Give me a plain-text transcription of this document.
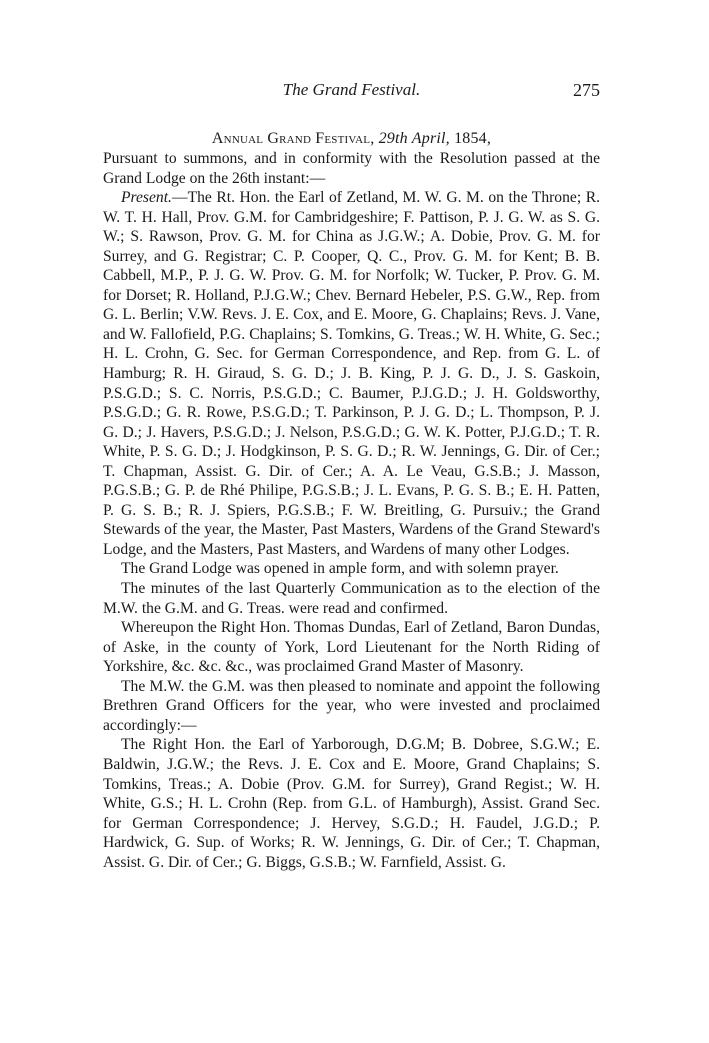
The Grand Festival.	275
Annual Grand Festival, 29th April, 1854,

Pursuant to summons, and in conformity with the Resolution passed at the Grand Lodge on the 26th instant:—

Present.—The Rt. Hon. the Earl of Zetland, M. W. G. M. on the Throne; R. W. T. H. Hall, Prov. G.M. for Cambridgeshire; F. Pattison, P. J. G. W. as S. G. W.; S. Rawson, Prov. G. M. for China as J.G.W.; A. Dobie, Prov. G. M. for Surrey, and G. Registrar; C. P. Cooper, Q. C., Prov. G. M. for Kent; B. B. Cabbell, M.P., P. J. G. W. Prov. G. M. for Norfolk; W. Tucker, P. Prov. G. M. for Dorset; R. Holland, P.J.G.W.; Chev. Bernard Hebeler, P.S. G.W., Rep. from G. L. Berlin; V.W. Revs. J. E. Cox, and E. Moore, G. Chaplains; Revs. J. Vane, and W. Fallofield, P.G. Chaplains; S. Tomkins, G. Treas.; W. H. White, G. Sec.; H. L. Crohn, G. Sec. for German Correspondence, and Rep. from G. L. of Hamburg; R. H. Giraud, S. G. D.; J. B. King, P. J. G. D., J. S. Gaskoin, P.S.G.D.; S. C. Norris, P.S.G.D.; C. Baumer, P.J.G.D.; J. H. Goldsworthy, P.S.G.D.; G. R. Rowe, P.S.G.D.; T. Parkinson, P. J. G. D.; L. Thompson, P. J. G. D.; J. Havers, P.S.G.D.; J. Nelson, P.S.G.D.; G. W. K. Potter, P.J.G.D.; T. R. White, P. S. G. D.; J. Hodgkinson, P. S. G. D.; R. W. Jennings, G. Dir. of Cer.; T. Chapman, Assist. G. Dir. of Cer.; A. A. Le Veau, G.S.B.; J. Masson, P.G.S.B.; G. P. de Rhé Philipe, P.G.S.B.; J. L. Evans, P. G. S. B.; E. H. Patten, P. G. S. B.; R. J. Spiers, P.G.S.B.; F. W. Breitling, G. Pursuiv.; the Grand Stewards of the year, the Master, Past Masters, Wardens of the Grand Steward's Lodge, and the Masters, Past Masters, and Wardens of many other Lodges.

The Grand Lodge was opened in ample form, and with solemn prayer.

The minutes of the last Quarterly Communication as to the election of the M.W. the G.M. and G. Treas. were read and confirmed.

Whereupon the Right Hon. Thomas Dundas, Earl of Zetland, Baron Dundas, of Aske, in the county of York, Lord Lieutenant for the North Riding of Yorkshire, &c. &c. &c., was proclaimed Grand Master of Masonry.

The M.W. the G.M. was then pleased to nominate and appoint the following Brethren Grand Officers for the year, who were invested and proclaimed accordingly:—

The Right Hon. the Earl of Yarborough, D.G.M; B. Dobree, S.G.W.; E. Baldwin, J.G.W.; the Revs. J. E. Cox and E. Moore, Grand Chaplains; S. Tomkins, Treas.; A. Dobie (Prov. G.M. for Surrey), Grand Regist.; W. H. White, G.S.; H. L. Crohn (Rep. from G.L. of Hamburgh), Assist. Grand Sec. for German Correspondence; J. Hervey, S.G.D.; H. Faudel, J.G.D.; P. Hardwick, G. Sup. of Works; R. W. Jennings, G. Dir. of Cer.; T. Chapman, Assist. G. Dir. of Cer.; G. Biggs, G.S.B.; W. Farnfield, Assist. G.
